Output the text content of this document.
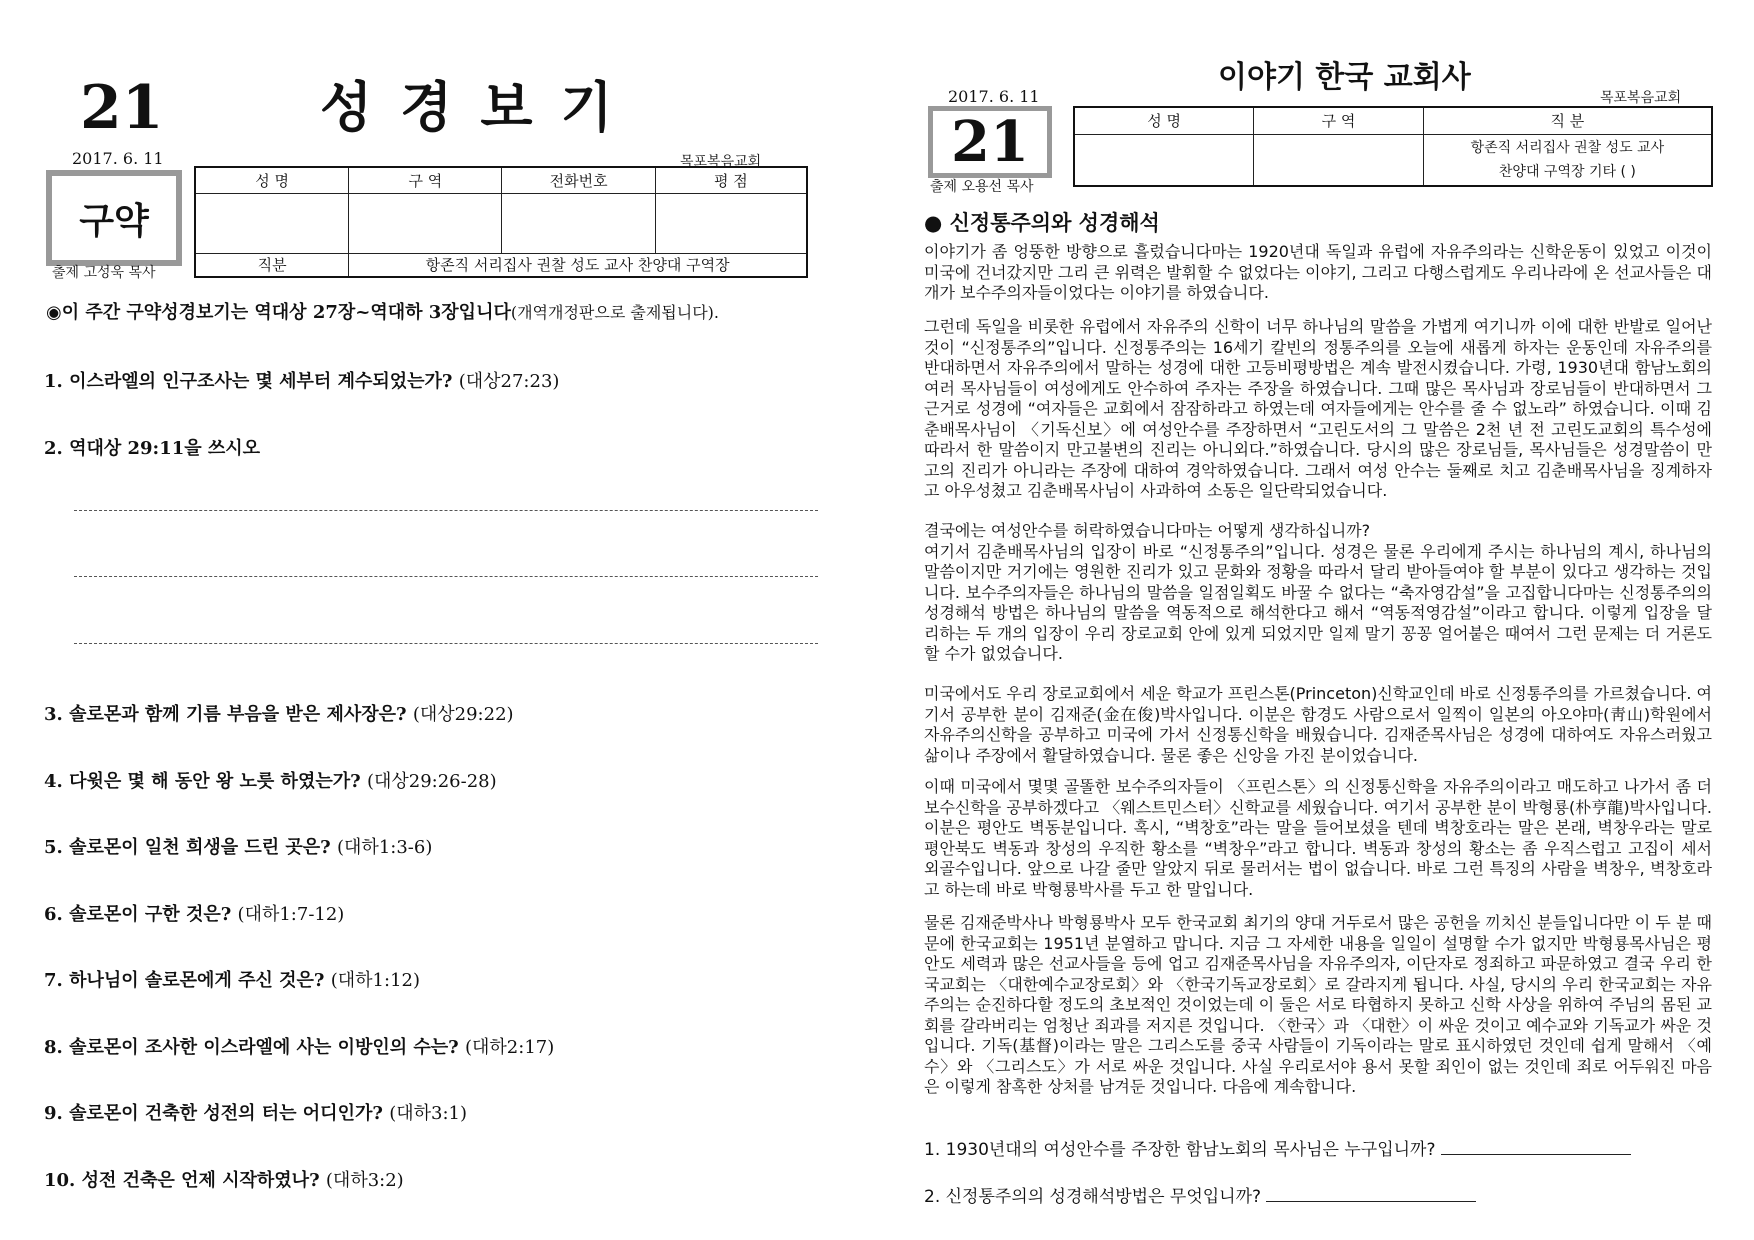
21	성경보기
2017. 6. 11	목포복음교회
구약
출제 고성욱 목사
성 명	구 역	전화번호	평 점

직분	항존직 서리집사 권찰 성도 교사 찬양대 구역장		
◉이 주간 구약성경보기는 역대상 27장~역대하 3장입니다(개역개정판으로 출제됩니다).
1. 이스라엘의 인구조사는 몇 세부터 계수되었는가? (대상27:23)
2. 역대상 29:11을 쓰시오
3. 솔로몬과 함께 기름 부음을 받은 제사장은? (대상29:22)
4. 다윗은 몇 해 동안 왕 노릇 하였는가? (대상29:26-28)
5. 솔로몬이 일천 희생을 드린 곳은? (대하1:3-6)
6. 솔로몬이 구한 것은? (대하1:7-12)
7. 하나님이 솔로몬에게 주신 것은? (대하1:12)
8. 솔로몬이 조사한 이스라엘에 사는 이방인의 수는? (대하2:17)
9. 솔로몬이 건축한 성전의 터는 어디인가? (대하3:1)
10. 성전 건축은 언제 시작하였나? (대하3:2)
이야기 한국 교회사
2017. 6. 11	목포복음교회
21
출제 오용선 목사
성 명	구 역	직 분

		항존직 서리집사 권찰 성도 교사
찬양대 구역장 기타 ( )
● 신정통주의와 성경해석
이야기가 좀 엉뚱한 방향으로 흘렀습니다마는 1920년대 독일과 유럽에 자유주의라는 신학운동이 있었고 이것이 미국에 건너갔지만 그리 큰 위력은 발휘할 수 없었다는 이야기, 그리고 다행스럽게도 우리나라에 온 선교사들은 대개가 보수주의자들이었다는 이야기를 하였습니다.
그런데 독일을 비롯한 유럽에서 자유주의 신학이 너무 하나님의 말씀을 가볍게 여기니까 이에 대한 반발로 일어난 것이 “신정통주의”입니다. 신정통주의는 16세기 칼빈의 정통주의를 오늘에 새롭게 하자는 운동인데 자유주의를 반대하면서 자유주의에서 말하는 성경에 대한 고등비평방법은 계속 발전시켰습니다. 가령, 1930년대 함남노회의 여러 목사님들이 여성에게도 안수하여 주자는 주장을 하였습니다. 그때 많은 목사님과 장로님들이 반대하면서 그 근거로 성경에 “여자들은 교회에서 잠잠하라고 하였는데 여자들에게는 안수를 줄 수 없노라” 하였습니다. 이때 김춘배목사님이 〈기독신보〉에 여성안수를 주장하면서 “고린도서의 그 말씀은 2천 년 전 고린도교회의 특수성에 따라서 한 말씀이지 만고불변의 진리는 아니외다.”하였습니다. 당시의 많은 장로님들, 목사님들은 성경말씀이 만고의 진리가 아니라는 주장에 대하여 경악하였습니다. 그래서 여성 안수는 둘째로 치고 김춘배목사님을 징계하자고 아우성쳤고 김춘배목사님이 사과하여 소동은 일단락되었습니다.
결국에는 여성안수를 허락하였습니다마는 어떻게 생각하십니까?
여기서 김춘배목사님의 입장이 바로 “신정통주의”입니다. 성경은 물론 우리에게 주시는 하나님의 계시, 하나님의 말씀이지만 거기에는 영원한 진리가 있고 문화와 정황을 따라서 달리 받아들여야 할 부분이 있다고 생각하는 것입니다. 보수주의자들은 하나님의 말씀을 일점일획도 바꿀 수 없다는 “축자영감설”을 고집합니다마는 신정통주의의 성경해석 방법은 하나님의 말씀을 역동적으로 해석한다고 해서 “역동적영감설”이라고 합니다. 이렇게 입장을 달리하는 두 개의 입장이 우리 장로교회 안에 있게 되었지만 일제 말기 꽁꽁 얼어붙은 때여서 그런 문제는 더 거론도 할 수가 없었습니다.
미국에서도 우리 장로교회에서 세운 학교가 프린스톤(Princeton)신학교인데 바로 신정통주의를 가르쳤습니다. 여기서 공부한 분이 김재준(金在俊)박사입니다. 이분은 함경도 사람으로서 일찍이 일본의 아오야마(靑山)학원에서 자유주의신학을 공부하고 미국에 가서 신정통신학을 배웠습니다. 김재준목사님은 성경에 대하여도 자유스러웠고 삶이나 주장에서 활달하였습니다. 물론 좋은 신앙을 가진 분이었습니다.
이때 미국에서 몇몇 골똘한 보수주의자들이 〈프린스톤〉의 신정통신학을 자유주의이라고 매도하고 나가서 좀 더 보수신학을 공부하겠다고 〈웨스트민스터〉신학교를 세웠습니다. 여기서 공부한 분이 박형룡(朴亨龍)박사입니다. 이분은 평안도 벽동분입니다. 혹시, “벽창호”라는 말을 들어보셨을 텐데 벽창호라는 말은 본래, 벽창우라는 말로 평안북도 벽동과 창성의 우직한 황소를 “벽창우”라고 합니다. 벽동과 창성의 황소는 좀 우직스럽고 고집이 세서 외골수입니다. 앞으로 나갈 줄만 알았지 뒤로 물러서는 법이 없습니다. 바로 그런 특징의 사람을 벽창우, 벽창호라고 하는데 바로 박형룡박사를 두고 한 말입니다.
물론 김재준박사나 박형룡박사 모두 한국교회 최기의 양대 거두로서 많은 공헌을 끼치신 분들입니다만 이 두 분 때문에 한국교회는 1951년 분열하고 맙니다. 지금 그 자세한 내용을 일일이 설명할 수가 없지만 박형룡목사님은 평안도 세력과 많은 선교사들을 등에 업고 김재준목사님을 자유주의자, 이단자로 정죄하고 파문하였고 결국 우리 한국교회는 〈대한예수교장로회〉와 〈한국기독교장로회〉로 갈라지게 됩니다. 사실, 당시의 우리 한국교회는 자유주의는 순진하다할 정도의 초보적인 것이었는데 이 둘은 서로 타협하지 못하고 신학 사상을 위하여 주님의 몸된 교회를 갈라버리는 엄청난 죄과를 저지른 것입니다. 〈한국〉과 〈대한〉이 싸운 것이고 예수교와 기독교가 싸운 것입니다. 기독(基督)이라는 말은 그리스도를 중국 사람들이 기독이라는 말로 표시하였던 것인데 쉽게 말해서 〈예수〉와 〈그리스도〉가 서로 싸운 것입니다. 사실 우리로서야 용서 못할 죄인이 없는 것인데 죄로 어두워진 마음은 이렇게 참혹한 상처를 남겨둔 것입니다. 다음에 계속합니다.
1. 1930년대의 여성안수를 주장한 함남노회의 목사님은 누구입니까?
2. 신정통주의의 성경해석방법은 무엇입니까?
